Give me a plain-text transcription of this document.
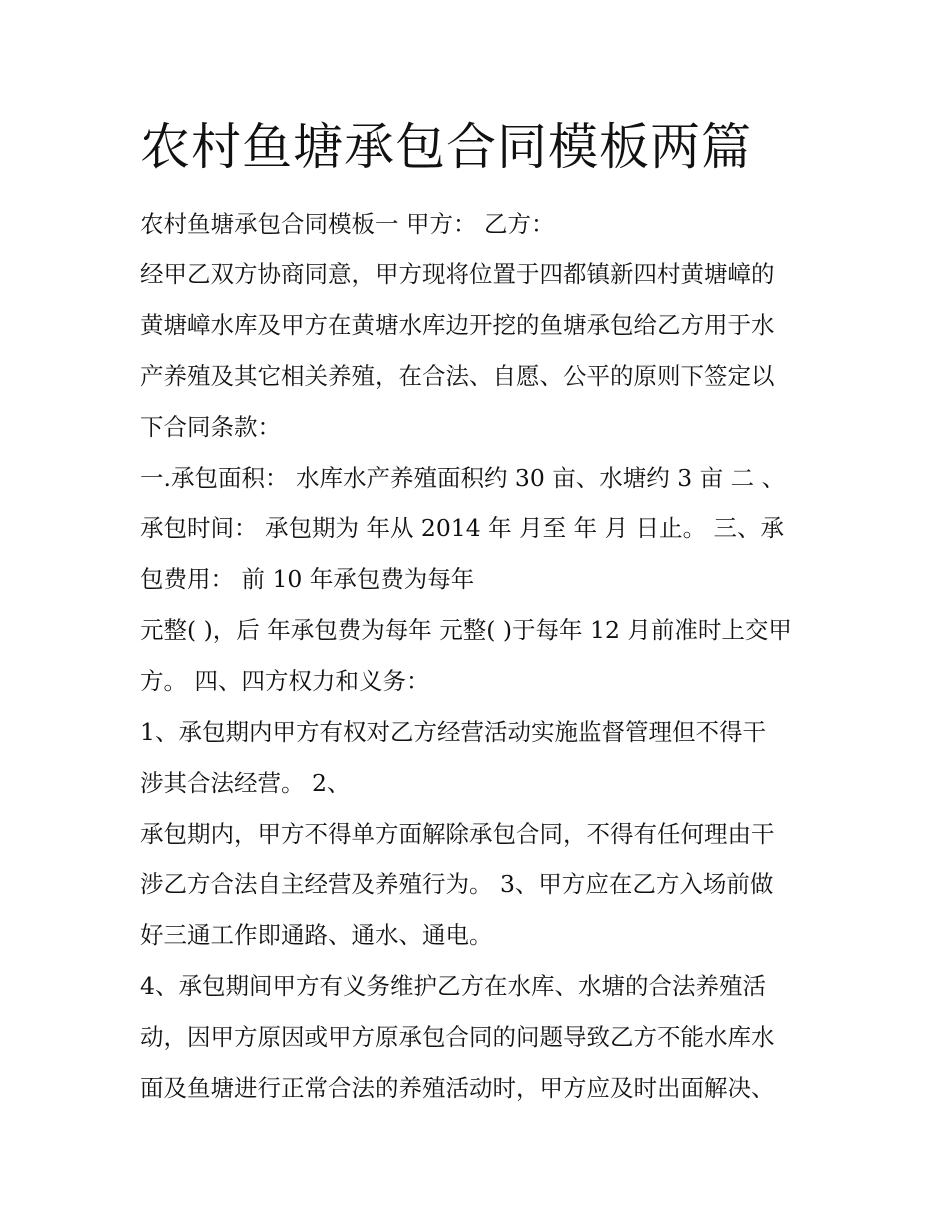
农村鱼塘承包合同模板两篇

农村鱼塘承包合同模板一 甲方： 乙方：

经甲乙双方协商同意，甲方现将位置于四都镇新四村黄塘嶂的

黄塘嶂水库及甲方在黄塘水库边开挖的鱼塘承包给乙方用于水

产养殖及其它相关养殖，在合法、自愿、公平的原则下签定以

下合同条款：

一.承包面积： 水库水产养殖面积约 30 亩、水塘约 3 亩 二 、

承包时间： 承包期为 年从 2014 年 月至 年 月 日止。 三、承

包费用： 前 10 年承包费为每年

元整( )，后 年承包费为每年 元整( )于每年 12 月前准时上交甲

方。 四、四方权力和义务：

1、承包期内甲方有权对乙方经营活动实施监督管理但不得干

涉其合法经营。 2、

承包期内，甲方不得单方面解除承包合同，不得有任何理由干

涉乙方合法自主经营及养殖行为。 3、甲方应在乙方入场前做

好三通工作即通路、通水、通电。

4、承包期间甲方有义务维护乙方在水库、水塘的合法养殖活

动，因甲方原因或甲方原承包合同的问题导致乙方不能水库水

面及鱼塘进行正常合法的养殖活动时，甲方应及时出面解决、
